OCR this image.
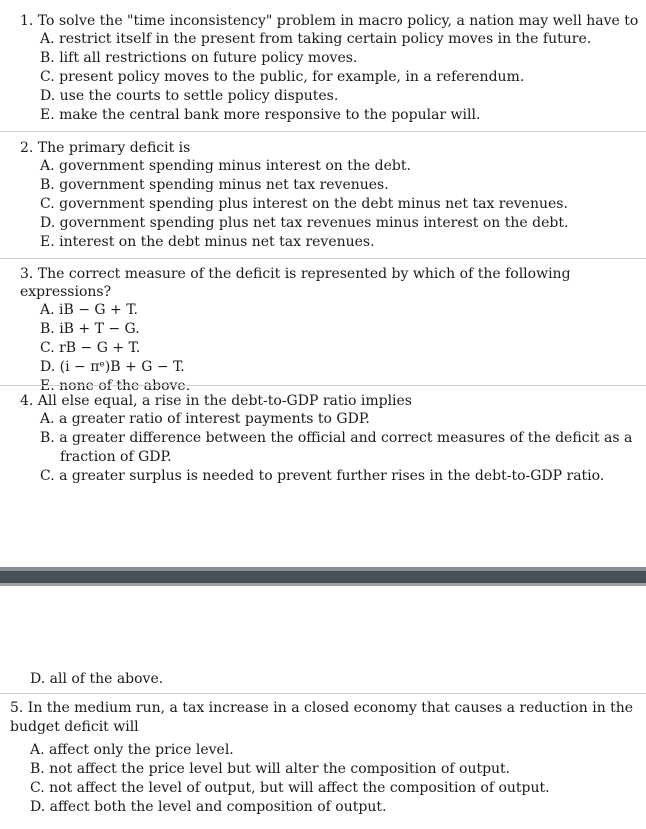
1. To solve the "time inconsistency" problem in macro policy, a nation may well have to
A. restrict itself in the present from taking certain policy moves in the future.
B. lift all restrictions on future policy moves.
C. present policy moves to the public, for example, in a referendum.
D. use the courts to settle policy disputes.
E. make the central bank more responsive to the popular will.
2. The primary deficit is
A. government spending minus interest on the debt.
B. government spending minus net tax revenues.
C. government spending plus interest on the debt minus net tax revenues.
D. government spending plus net tax revenues minus interest on the debt.
E. interest on the debt minus net tax revenues.
3. The correct measure of the deficit is represented by which of the following expressions?
A. iB − G + T.
B. iB + T − G.
C. rB − G + T.
D. (i − πᵉ)B + G − T.
E. none of the above.
4. All else equal, a rise in the debt-to-GDP ratio implies
A. a greater ratio of interest payments to GDP.
B. a greater difference between the official and correct measures of the deficit as a fraction of GDP.
C. a greater surplus is needed to prevent further rises in the debt-to-GDP ratio.
D. all of the above.
5. In the medium run, a tax increase in a closed economy that causes a reduction in the budget deficit will
A. affect only the price level.
B. not affect the price level but will alter the composition of output.
C. not affect the level of output, but will affect the composition of output.
D. affect both the level and composition of output.
